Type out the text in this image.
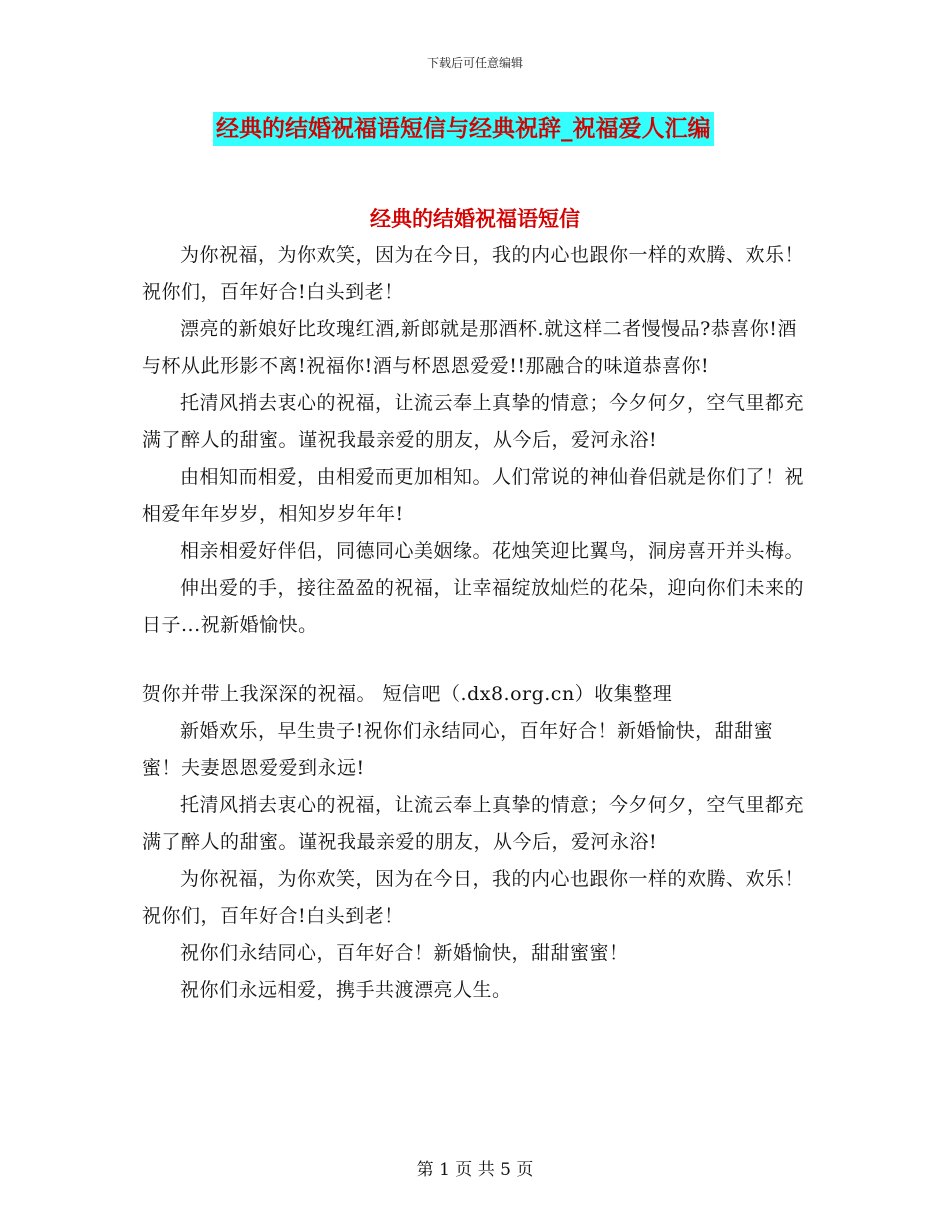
下载后可任意编辑
经典的结婚祝福语短信与经典祝辞_祝福爱人汇编
经典的结婚祝福语短信

为你祝福，为你欢笑，因为在今日，我的内心也跟你一样的欢腾、欢乐！祝你们，百年好合!白头到老！

漂亮的新娘好比玫瑰红酒,新郎就是那酒杯.就这样二者慢慢品?恭喜你!酒与杯从此形影不离!祝福你!酒与杯恩恩爱爱!!那融合的味道恭喜你!

托清风捎去衷心的祝福，让流云奉上真挚的情意；今夕何夕，空气里都充满了醉人的甜蜜。谨祝我最亲爱的朋友，从今后，爱河永浴!

由相知而相爱，由相爱而更加相知。人们常说的神仙眷侣就是你们了！祝相爱年年岁岁，相知岁岁年年!

相亲相爱好伴侣，同德同心美姻缘。花烛笑迎比翼鸟，洞房喜开并头梅。

伸出爱的手，接往盈盈的祝福，让幸福绽放灿烂的花朵，迎向你们未来的日子...祝新婚愉快。

贺你并带上我深深的祝福。 短信吧（.dx8.org.cn）收集整理

新婚欢乐，早生贵子!祝你们永结同心，百年好合！新婚愉快，甜甜蜜蜜！夫妻恩恩爱爱到永远!

托清风捎去衷心的祝福，让流云奉上真挚的情意；今夕何夕，空气里都充满了醉人的甜蜜。谨祝我最亲爱的朋友，从今后，爱河永浴!

为你祝福，为你欢笑，因为在今日，我的内心也跟你一样的欢腾、欢乐！祝你们，百年好合!白头到老！

祝你们永结同心，百年好合！新婚愉快，甜甜蜜蜜！

祝你们永远相爱，携手共渡漂亮人生。

第 1 页 共 5 页
